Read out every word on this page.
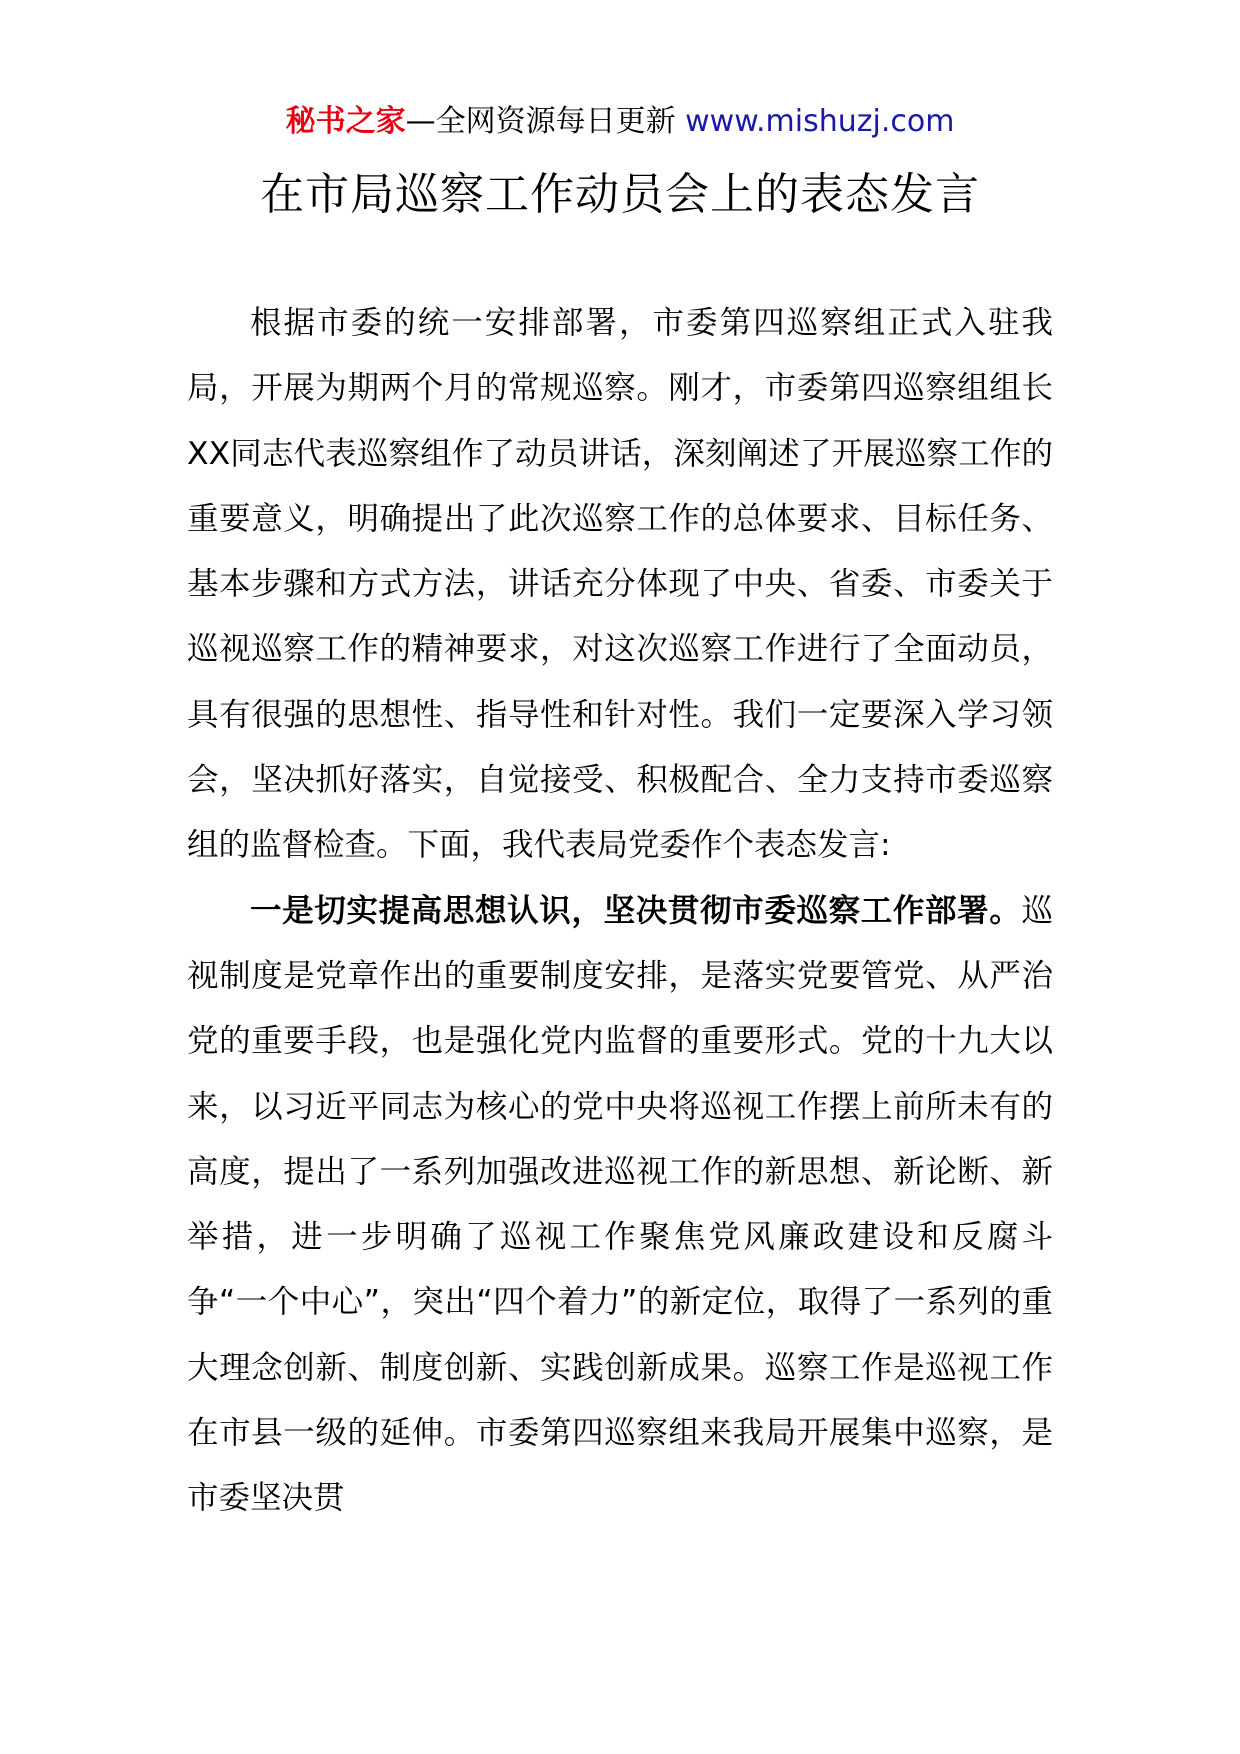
秘书之家—全网资源每日更新 www.mishuzj.com
在市局巡察工作动员会上的表态发言

根据市委的统一安排部署，市委第四巡察组正式入驻我局，开展为期两个月的常规巡察。刚才，市委第四巡察组组长XX同志代表巡察组作了动员讲话，深刻阐述了开展巡察工作的重要意义，明确提出了此次巡察工作的总体要求、目标任务、基本步骤和方式方法，讲话充分体现了中央、省委、市委关于巡视巡察工作的精神要求，对这次巡察工作进行了全面动员，具有很强的思想性、指导性和针对性。我们一定要深入学习领会，坚决抓好落实，自觉接受、积极配合、全力支持市委巡察组的监督检查。下面，我代表局党委作个表态发言:

一是切实提高思想认识，坚决贯彻市委巡察工作部署。巡视制度是党章作出的重要制度安排，是落实党要管党、从严治党的重要手段，也是强化党内监督的重要形式。党的十九大以来，以习近平同志为核心的党中央将巡视工作摆上前所未有的高度，提出了一系列加强改进巡视工作的新思想、新论断、新举措，进一步明确了巡视工作聚焦党风廉政建设和反腐斗争“一个中心”，突出“四个着力”的新定位，取得了一系列的重大理念创新、制度创新、实践创新成果。巡察工作是巡视工作在市县一级的延伸。市委第四巡察组来我局开展集中巡察，是市委坚决贯
